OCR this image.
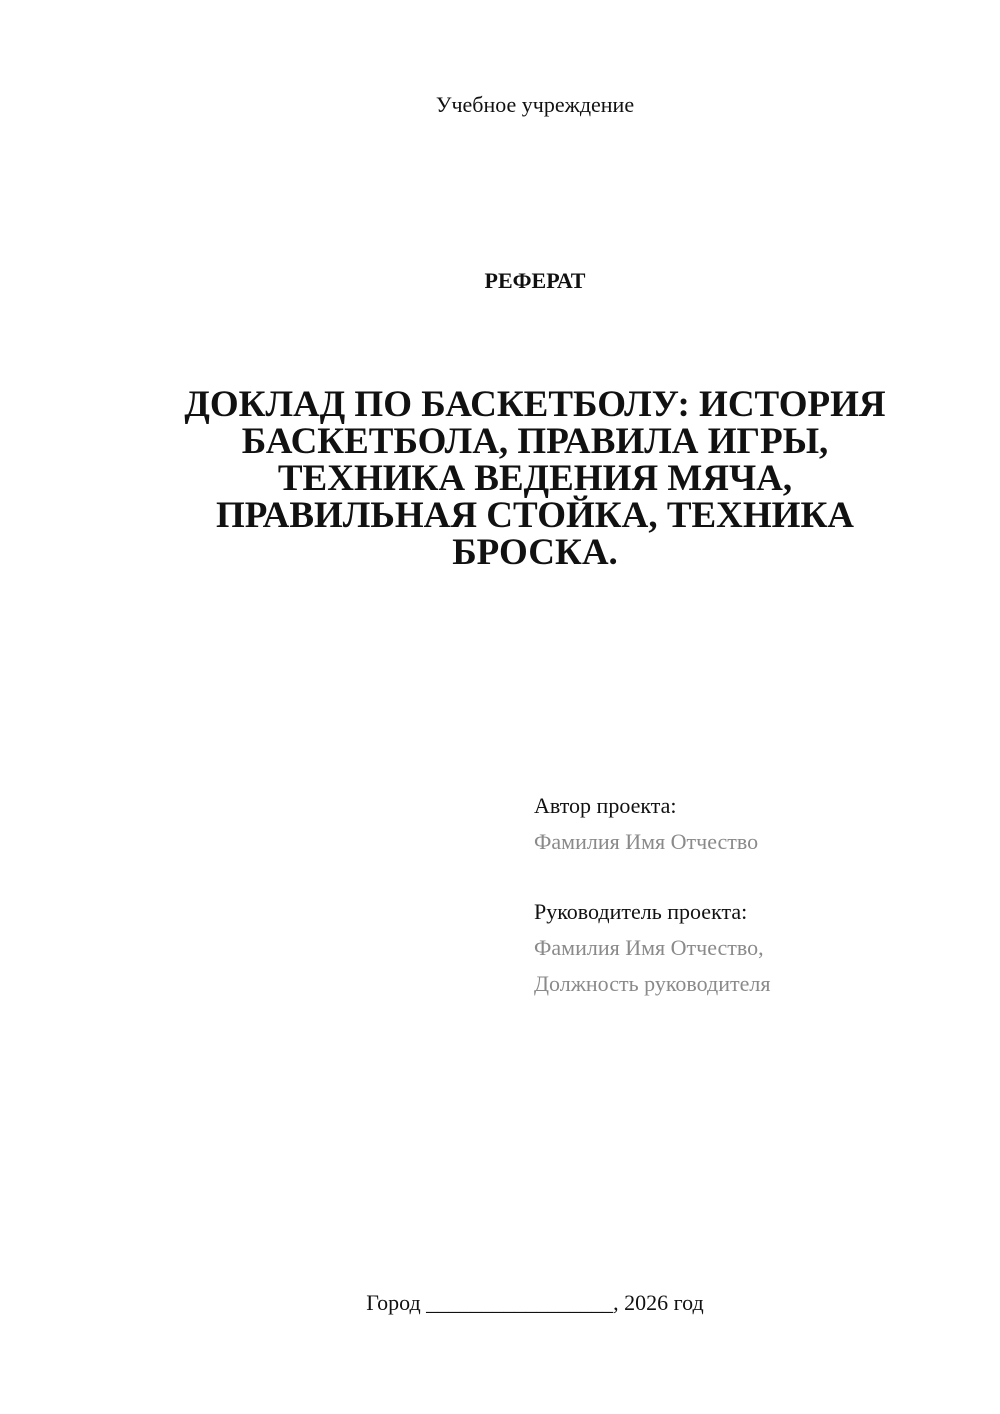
Учебное учреждение
РЕФЕРАТ
ДОКЛАД ПО БАСКЕТБОЛУ: ИСТОРИЯ
БАСКЕТБОЛА, ПРАВИЛА ИГРЫ,
ТЕХНИКА ВЕДЕНИЯ МЯЧА,
ПРАВИЛЬНАЯ СТОЙКА, ТЕХНИКА
БРОСКА.
Автор проекта:
Фамилия Имя Отчество
Руководитель проекта:
Фамилия Имя Отчество,
Должность руководителя
Город _________________, 2026 год
